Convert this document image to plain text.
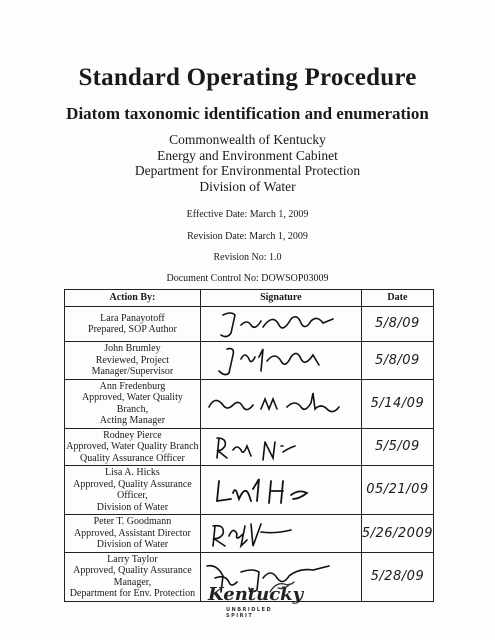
Standard Operating Procedure
Diatom taxonomic identification and enumeration
Commonwealth of Kentucky
Energy and Environment Cabinet
Department for Environmental Protection
Division of Water
Effective Date: March 1, 2009
Revision Date: March 1, 2009
Revision No: 1.0
Document Control No: DOWSOP03009
Action By:	Signature	Date

Lara Panayotoff
Prepared, SOP Author		5/8/09

John Brumley
Reviewed, Project Manager/Supervisor		5/8/09

Ann Fredenburg
Approved, Water Quality Branch,
Acting Manager		5/14/09

Rodney Pierce
Approved, Water Quality Branch
Quality Assurance Officer		5/5/09

Lisa A. Hicks
Approved, Quality Assurance Officer,
Division of Water		05/21/09

Peter T. Goodmann
Approved, Assistant Director
Division of Water		5/26/2009

Larry Taylor
Approved, Quality Assurance Manager,
Department for Env. Protection		5/28/09
Kentucky
UNBRIDLED SPIRIT
